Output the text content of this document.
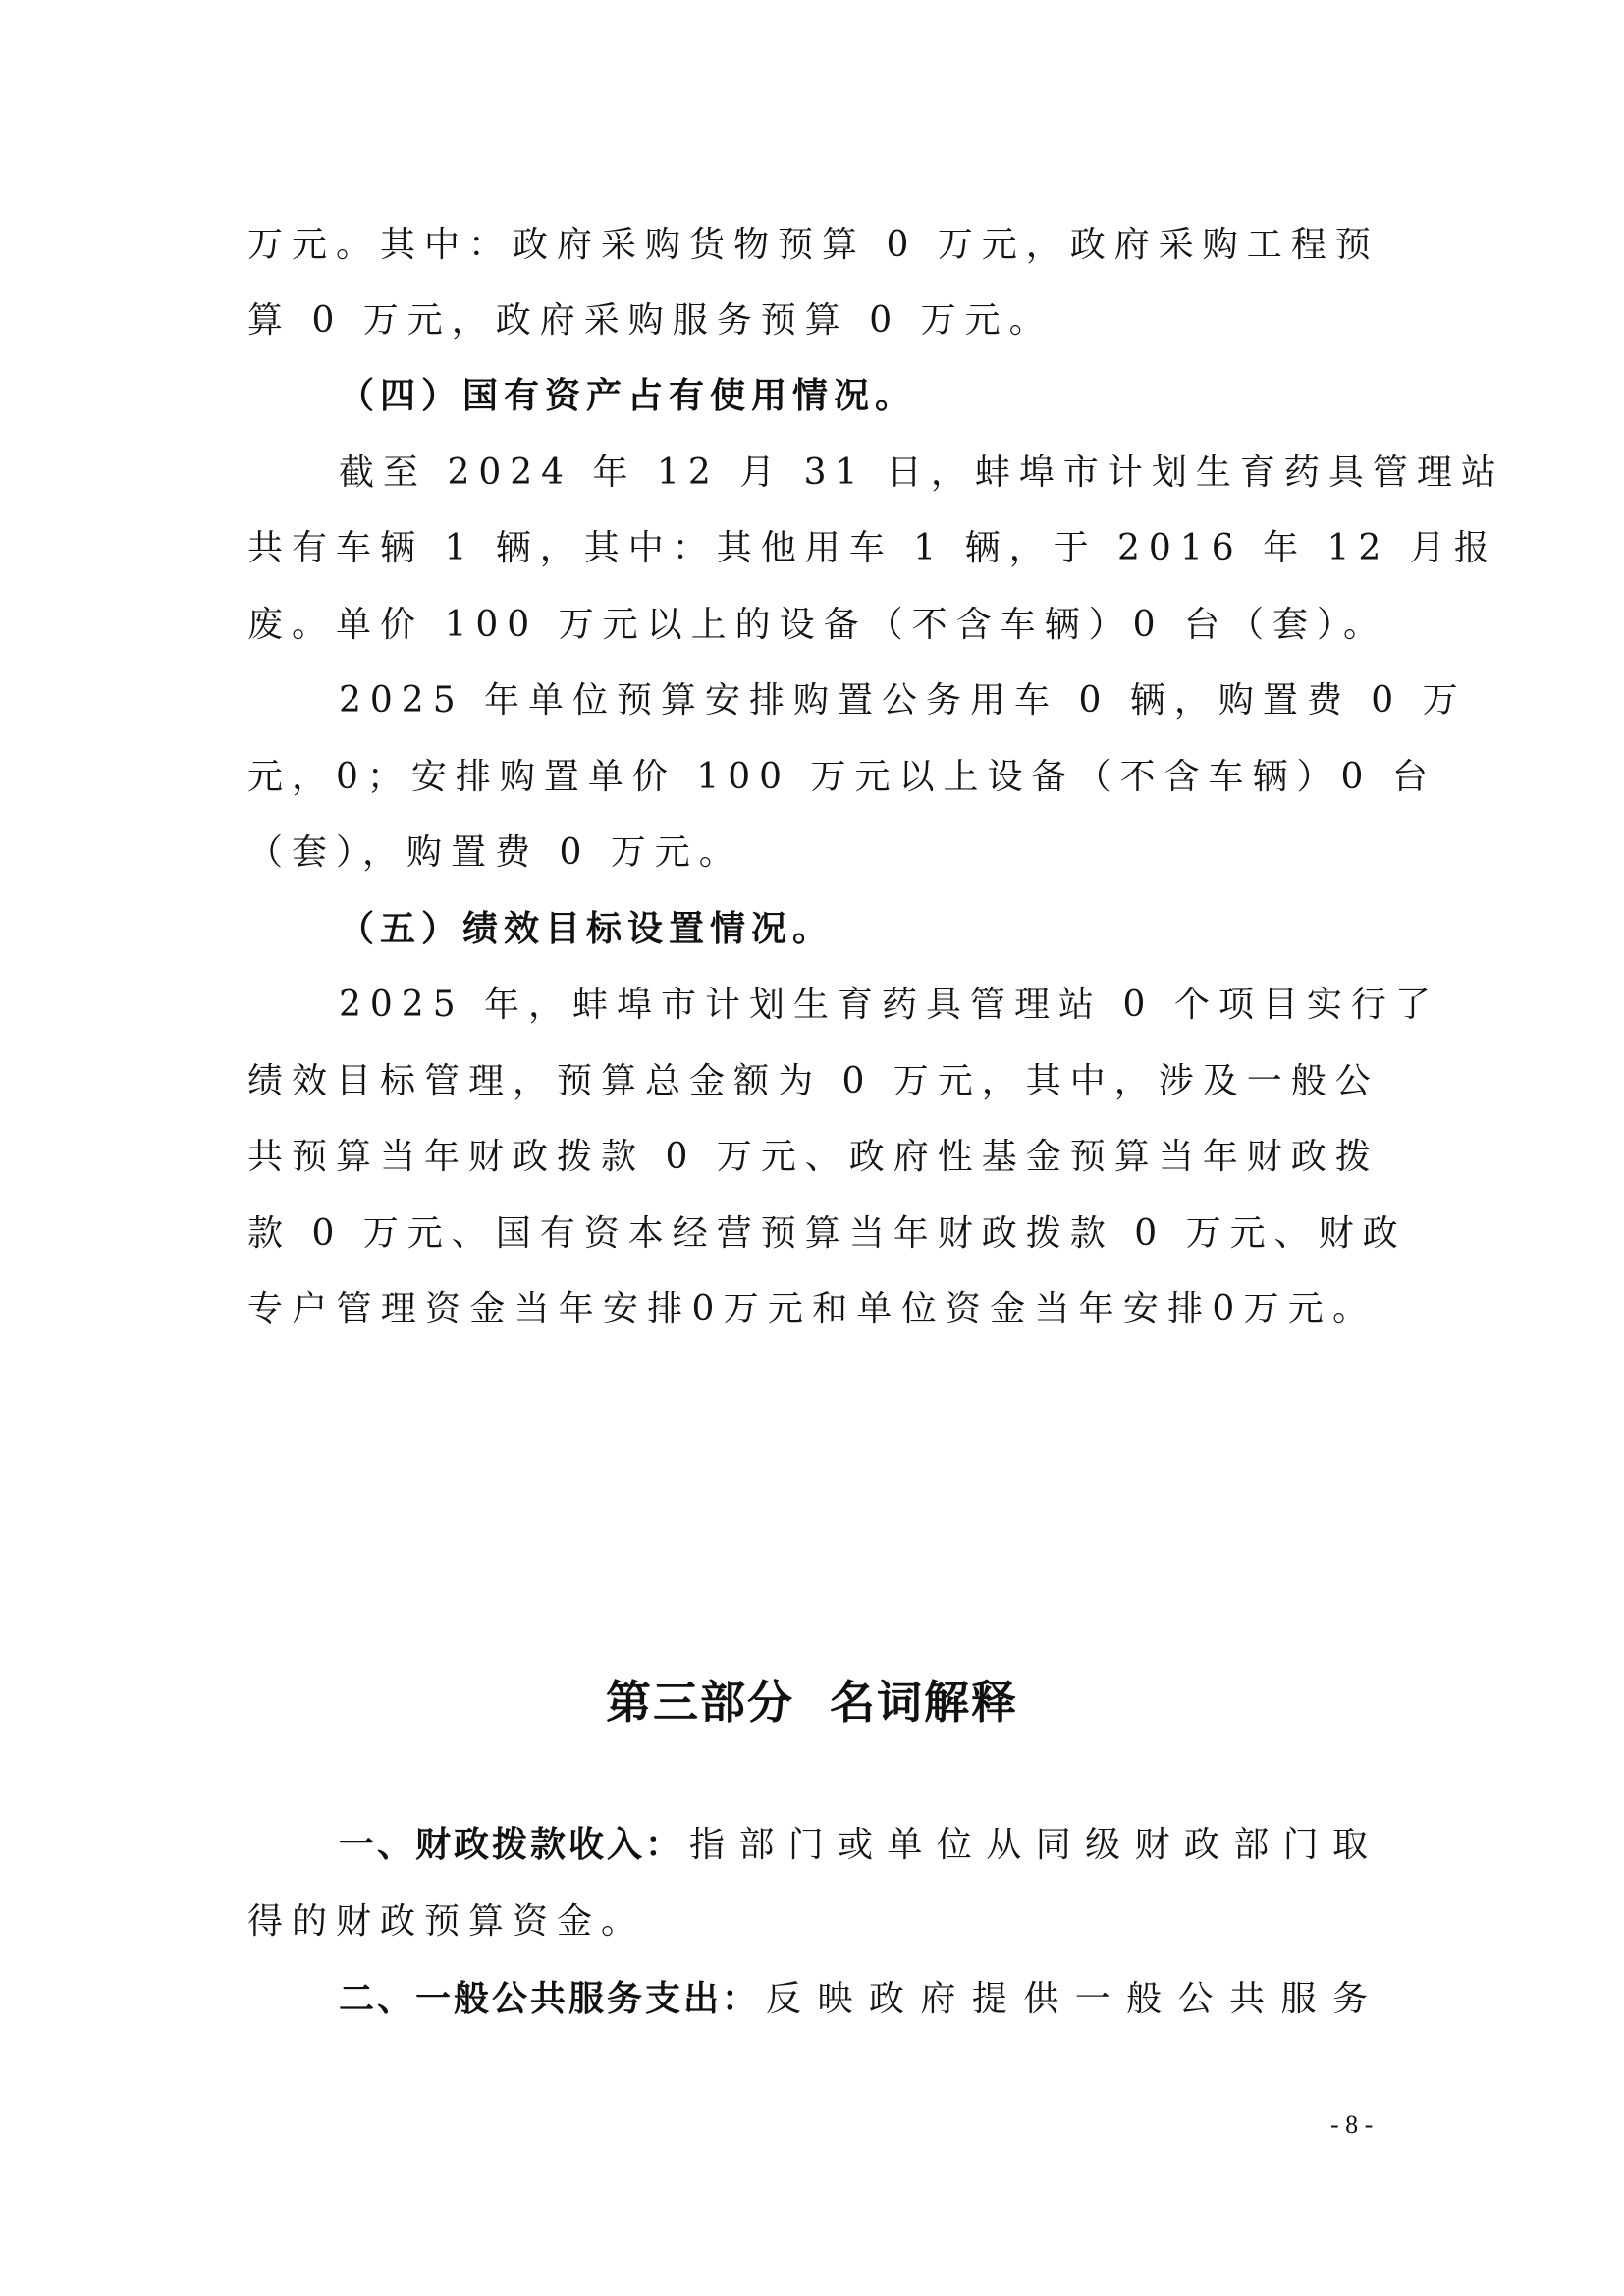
万元。其中：政府采购货物预算 0 万元，政府采购工程预
算 0 万元，政府采购服务预算 0 万元。
（四）国有资产占有使用情况。
截至 2024 年 12 月 31 日，蚌埠市计划生育药具管理站
共有车辆 1 辆，其中：其他用车 1 辆，于 2016 年 12 月报
废。单价 100 万元以上的设备（不含车辆）0 台（套）。
2025 年单位预算安排购置公务用车 0 辆，购置费 0 万
元，0；安排购置单价 100 万元以上设备（不含车辆）0 台
（套），购置费 0 万元。
（五）绩效目标设置情况。
2025 年，蚌埠市计划生育药具管理站 0 个项目实行了
绩效目标管理，预算总金额为 0 万元，其中，涉及一般公
共预算当年财政拨款 0 万元、政府性基金预算当年财政拨
款 0 万元、国有资本经营预算当年财政拨款 0 万元、财政
专户管理资金当年安排0万元和单位资金当年安排0万元。
第三部分  名词解释
一、财政拨款收入： 指部门或单位从同级财政部门取
得的财政预算资金。
二、一般公共服务支出： 反映政府提供一般公共服务
- 8 -
